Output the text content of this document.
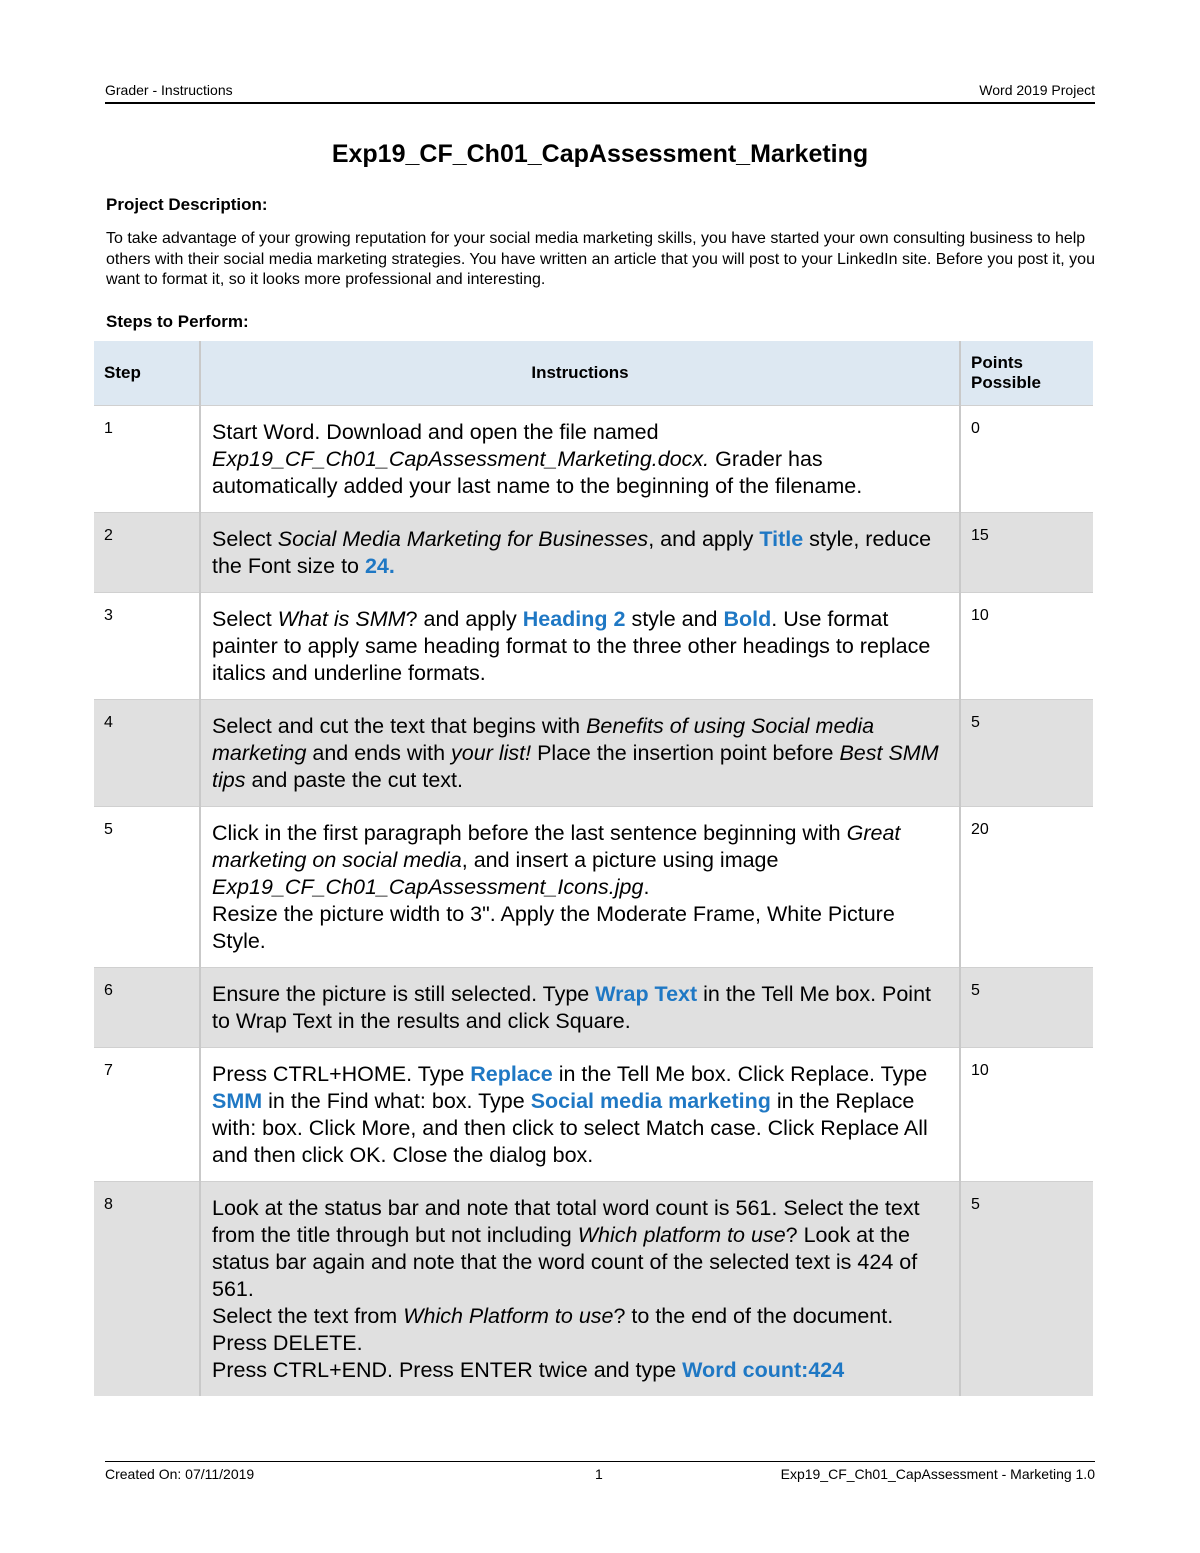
Grader - Instructions	Word 2019 Project
Exp19_CF_Ch01_CapAssessment_Marketing
Project Description:
To take advantage of your growing reputation for your social media marketing skills, you have started your own consulting business to help others with their social media marketing strategies. You have written an article that you will post to your LinkedIn site. Before you post it, you want to format it, so it looks more professional and interesting.
Steps to Perform:
Step	Instructions	Points Possible
1	Start Word. Download and open the file named Exp19_CF_Ch01_CapAssessment_Marketing.docx. Grader has automatically added your last name to the beginning of the filename.	0
2	Select Social Media Marketing for Businesses, and apply Title style, reduce the Font size to 24.	15
3	Select What is SMM? and apply Heading 2 style and Bold. Use format painter to apply same heading format to the three other headings to replace italics and underline formats.	10
4	Select and cut the text that begins with Benefits of using Social media marketing and ends with your list! Place the insertion point before Best SMM tips and paste the cut text.	5
5	Click in the first paragraph before the last sentence beginning with Great marketing on social media, and insert a picture using image Exp19_CF_Ch01_CapAssessment_Icons.jpg.
Resize the picture width to 3". Apply the Moderate Frame, White Picture Style.	20
6	Ensure the picture is still selected. Type Wrap Text in the Tell Me box. Point to Wrap Text in the results and click Square.	5
7	Press CTRL+HOME. Type Replace in the Tell Me box. Click Replace. Type SMM in the Find what: box. Type Social media marketing in the Replace with: box. Click More, and then click to select Match case. Click Replace All and then click OK. Close the dialog box.	10
8	Look at the status bar and note that total word count is 561. Select the text from the title through but not including Which platform to use? Look at the status bar again and note that the word count of the selected text is 424 of 561.
Select the text from Which Platform to use? to the end of the document. Press DELETE.
Press CTRL+END. Press ENTER twice and type Word count:424	5
Created On: 07/11/2019	1	Exp19_CF_Ch01_CapAssessment - Marketing 1.0
